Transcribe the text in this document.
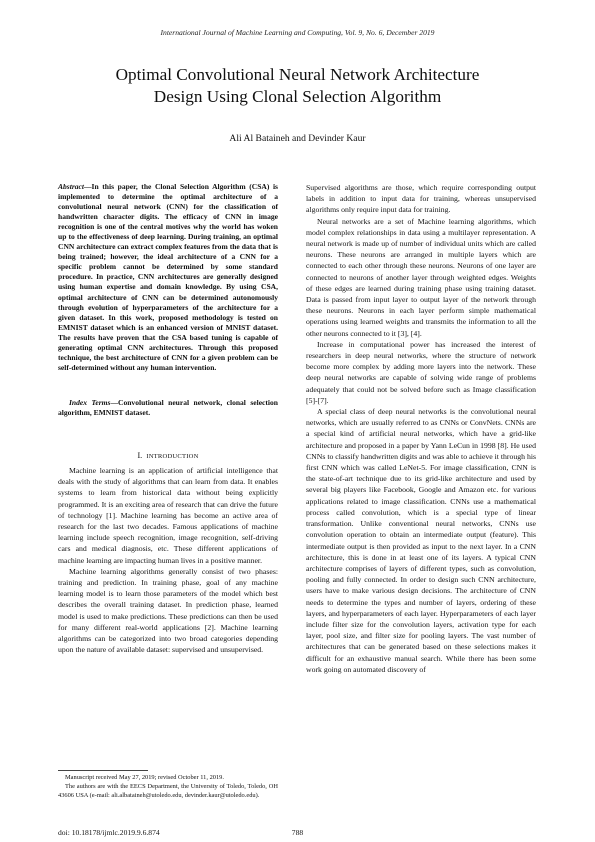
International Journal of Machine Learning and Computing, Vol. 9, No. 6, December 2019
Optimal Convolutional Neural Network Architecture
Design Using Clonal Selection Algorithm
Ali Al Bataineh and Devinder Kaur

Abstract—In this paper, the Clonal Selection Algorithm (CSA) is implemented to determine the optimal architecture of a convolutional neural network (CNN) for the classification of handwritten character digits. The efficacy of CNN in image recognition is one of the central motives why the world has woken up to the effectiveness of deep learning. During training, an optimal CNN architecture can extract complex features from the data that is being trained; however, the ideal architecture of a CNN for a specific problem cannot be determined by some standard procedure. In practice, CNN architectures are generally designed using human expertise and domain knowledge. By using CSA, optimal architecture of CNN can be determined autonomously through evolution of hyperparameters of the architecture for a given dataset. In this work, proposed methodology is tested on EMNIST dataset which is an enhanced version of MNIST dataset. The results have proven that the CSA based tuning is capable of generating optimal CNN architectures. Through this proposed technique, the best architecture of CNN for a given problem can be self-determined without any human intervention.

Index Terms—Convolutional neural network, clonal selection algorithm, EMNIST dataset.

I. INTRODUCTION

Machine learning is an application of artificial intelligence that deals with the study of algorithms that can learn from data. It enables systems to learn from historical data without being explicitly programmed. It is an exciting area of research that can drive the future of technology [1]. Machine learning has become an active area of research for the last two decades. Famous applications of machine learning include speech recognition, image recognition, self-driving cars and medical diagnosis, etc. These different applications of machine learning are impacting human lives in a positive manner.

Machine learning algorithms generally consist of two phases: training and prediction. In training phase, goal of any machine learning model is to learn those parameters of the model which best describes the overall training dataset. In prediction phase, learned model is used to make predictions. These predictions can then be used for many different real-world applications [2]. Machine learning algorithms can be categorized into two broad categories depending upon the nature of available dataset: supervised and unsupervised.

Supervised algorithms are those, which require corresponding output labels in addition to input data for training, whereas unsupervised algorithms only require input data for training.

Neural networks are a set of Machine learning algorithms, which model complex relationships in data using a multilayer representation. A neural network is made up of number of individual units which are called neurons. These neurons are arranged in multiple layers which are connected to each other through these neurons. Neurons of one layer are connected to neurons of another layer through weighted edges. Weights of these edges are learned during training phase using training dataset. Data is passed from input layer to output layer of the network through these neurons. Neurons in each layer perform simple mathematical operations using learned weights and transmits the information to all the other neurons connected to it [3], [4].

Increase in computational power has increased the interest of researchers in deep neural networks, where the structure of network become more complex by adding more layers into the network. These deep neural networks are capable of solving wide range of problems adequately that could not be solved before such as Image classification [5]-[7].

A special class of deep neural networks is the convolutional neural networks, which are usually referred to as CNNs or ConvNets. CNNs are a special kind of artificial neural networks, which have a grid-like architecture and proposed in a paper by Yann LeCun in 1998 [8]. He used CNNs to classify handwritten digits and was able to achieve it through his first CNN which was called LeNet-5. For image classification, CNN is the state-of-art technique due to its grid-like architecture and used by several big players like Facebook, Google and Amazon etc. for various applications related to image classification. CNNs use a mathematical process called convolution, which is a special type of linear transformation. Unlike conventional neural networks, CNNs use convolution operation to obtain an intermediate output (feature). This intermediate output is then provided as input to the next layer. In a CNN architecture, this is done in at least one of its layers. A typical CNN architecture comprises of layers of different types, such as convolution, pooling and fully connected. In order to design such CNN architecture, users have to make various design decisions. The architecture of CNN needs to determine the types and number of layers, ordering of these layers, and hyperparameters of each layer. Hyperparameters of each layer include filter size for the convolution layers, activation type for each layer, pool size, and filter size for pooling layers. The vast number of architectures that can be generated based on these selections makes it difficult for an exhaustive manual search. While there has been some work going on automated discovery of

Manuscript received May 27, 2019; revised October 11, 2019.

The authors are with the EECS Department, the University of Toledo, Toledo, OH 43606 USA (e-mail: ali.albataineh@utoledo.edu, devinder.kaur@utoledo.edu).

doi: 10.18178/ijmlc.2019.9.6.874	788
